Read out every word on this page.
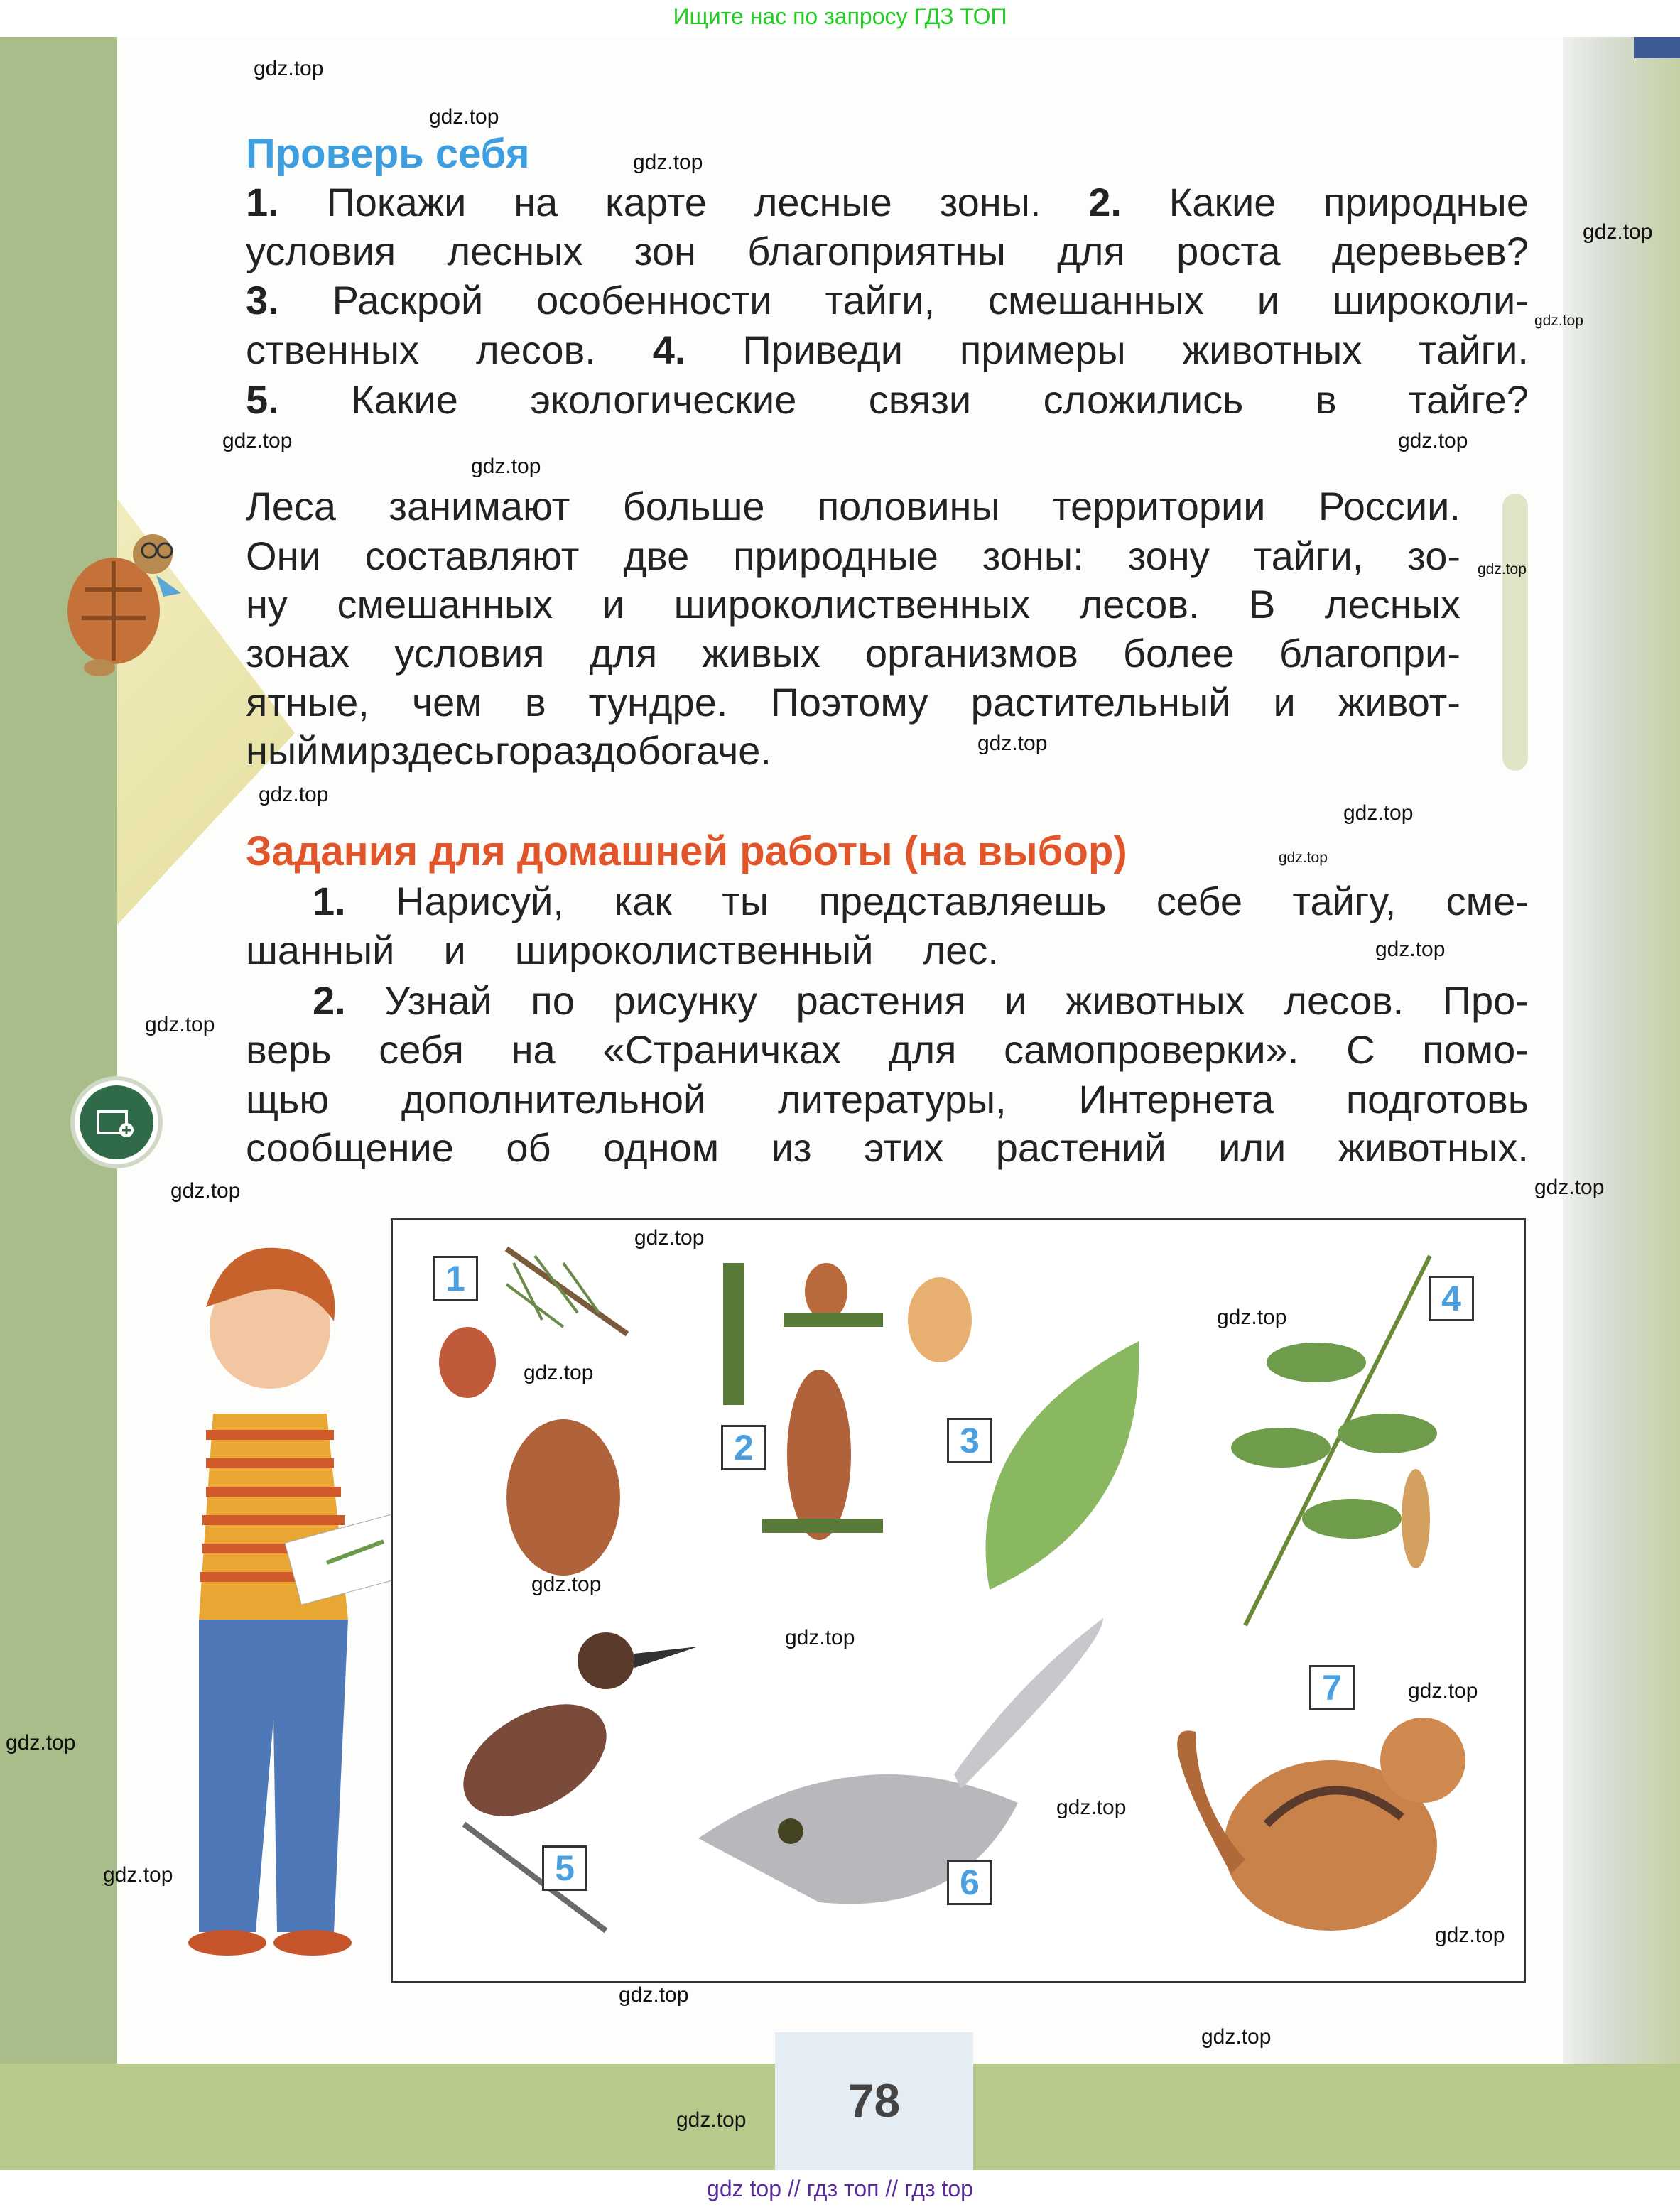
Ищите нас по запросу ГДЗ ТОП
Проверь себя
Задания для домашней работы (на выбор)
1. Покажи на карте лесные зоны. 2. Какие природные
условия лесных зон благоприятны для роста деревьев?
3. Раскрой особенности тайги, смешанных и широколи-
ственных лесов. 4. Приведи примеры животных тайги.
5. Какие экологические связи сложились в тайге?
Леса занимают больше половины территории России.
Они составляют две природные зоны: зону тайги, зо-
ну смешанных и широколиственных лесов. В лесных
зонах условия для живых организмов более благопри-
ятные, чем в тундре. Поэтому растительный и живот-
ный мир здесь гораздо богаче.
1. Нарисуй, как ты представляешь себе тайгу, сме-
шанный и широколиственный лес.
2. Узнай по рисунку растения и животных лесов. Про-
верь себя на «Страничках для самопроверки». С помо-
щью дополнительной литературы, Интернета подготовь
сообщение об одном из этих растений или животных.
1
2	3
4
5	6
7
78
gdz top // гдз топ // гдз top
gdz.top
gdz.top
gdz.top
gdz.top
gdz.top
gdz.top
gdz.top
gdz.top
gdz.top
gdz.top
gdz.top
gdz.top
gdz.top
gdz.top
gdz.top
gdz.top
gdz.top
gdz.top
gdz.top
gdz.top
gdz.top
gdz.top
gdz.top
gdz.top
gdz.top
gdz.top
gdz.top
gdz.top
gdz.top
gdz.top
